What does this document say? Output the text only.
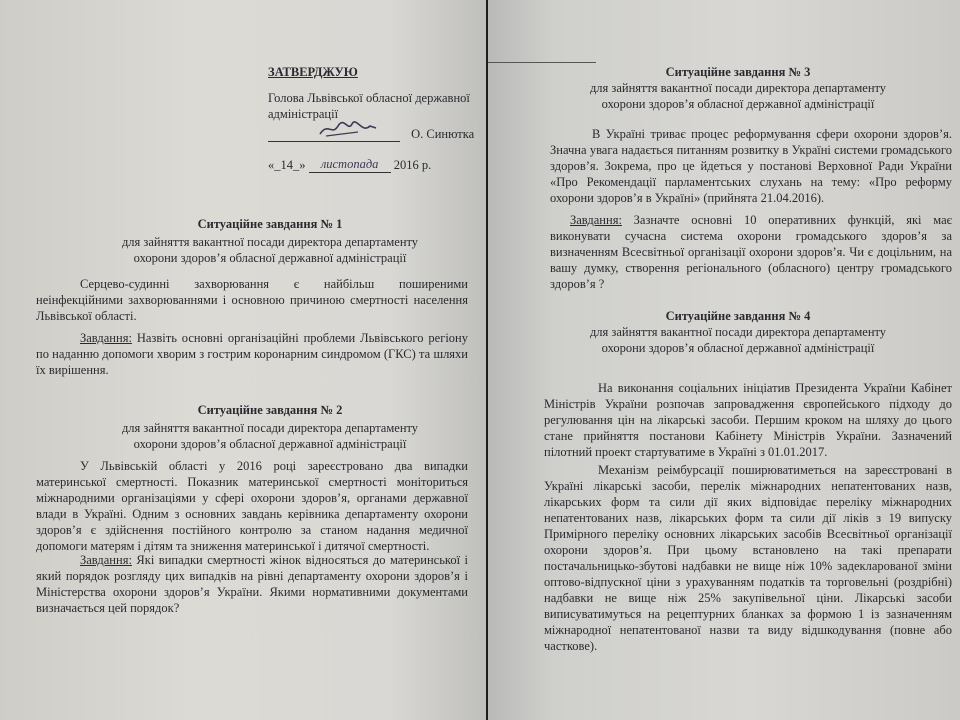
ЗАТВЕРДЖУЮ
Голова Львівської обласної державної адміністрації
О. Синютка
«_14_» листопада 2016 р.
Ситуаційне завдання № 1
для зайняття вакантної посади директора департаменту
охорони здоров’я обласної державної адміністрації

Серцево-судинні захворювання є найбільш поширеними неінфекційними захворюваннями і основною причиною смертності населення Львівської області.

Завдання: Назвіть основні організаційні проблеми Львівського регіону по наданню допомоги хворим з гострим коронарним синдромом (ГКС) та шляхи їх вирішення.

Ситуаційне завдання № 2
для зайняття вакантної посади директора департаменту
охорони здоров’я обласної державної адміністрації

У Львівській області у 2016 році зареєстровано два випадки материнської смертності. Показник материнської смертності моніториться міжнародними організаціями у сфері охорони здоров’я, органами державної влади в Україні. Одним з основних завдань керівника департаменту охорони здоров’я є здійснення постійного контролю за станом надання медичної допомоги матерям і дітям та зниження материнської і дитячої смертності.

Завдання: Які випадки смертності жінок відносяться до материнської і який порядок розгляду цих випадків на рівні департаменту охорони здоров’я і Міністерства охорони здоров’я України. Якими нормативними документами визначається цей порядок?

Ситуаційне завдання № 3
для зайняття вакантної посади директора департаменту
охорони здоров’я обласної державної адміністрації

В Україні триває процес реформування сфери охорони здоров’я. Значна увага надається питанням розвитку в Україні системи громадського здоров’я. Зокрема, про це йдеться у постанові Верховної Ради України «Про Рекомендації парламентських слухань на тему: «Про реформу охорони здоров’я в Україні» (прийнята 21.04.2016).

Завдання: Зазначте основні 10 оперативних функцій, які має виконувати сучасна система охорони громадського здоров’я за визначенням Всесвітньої організації охорони здоров’я. Чи є доцільним, на вашу думку, створення регіонального (обласного) центру громадського здоров’я ?

Ситуаційне завдання № 4
для зайняття вакантної посади директора департаменту
охорони здоров’я обласної державної адміністрації

На виконання соціальних ініціатив Президента України Кабінет Міністрів України розпочав запровадження європейського підходу до регулювання цін на лікарські засоби. Першим кроком на шляху до цього стане прийняття постанови Кабінету Міністрів України. Зазначений пілотний проект стартуватиме в Україні з 01.01.2017.

Механізм реімбурсації поширюватиметься на зареєстровані в Україні лікарські засоби, перелік міжнародних непатентованих назв, лікарських форм та сили дії яких відповідає переліку міжнародних непатентованих назв, лікарських форм та сили дії ліків з 19 випуску Примірного переліку основних лікарських засобів Всесвітньої організації охорони здоров’я. При цьому встановлено на такі препарати постачальницько-збутові надбавки не вище ніж 10% задекларованої зміни оптово-відпускної ціни з урахуванням податків та торговельні (роздрібні) надбавки не вище ніж 25% закупівельної ціни. Лікарські засоби виписуватимуться на рецептурних бланках за формою 1 із зазначенням міжнародної непатентованої назви та виду відшкодування (повне або часткове).
